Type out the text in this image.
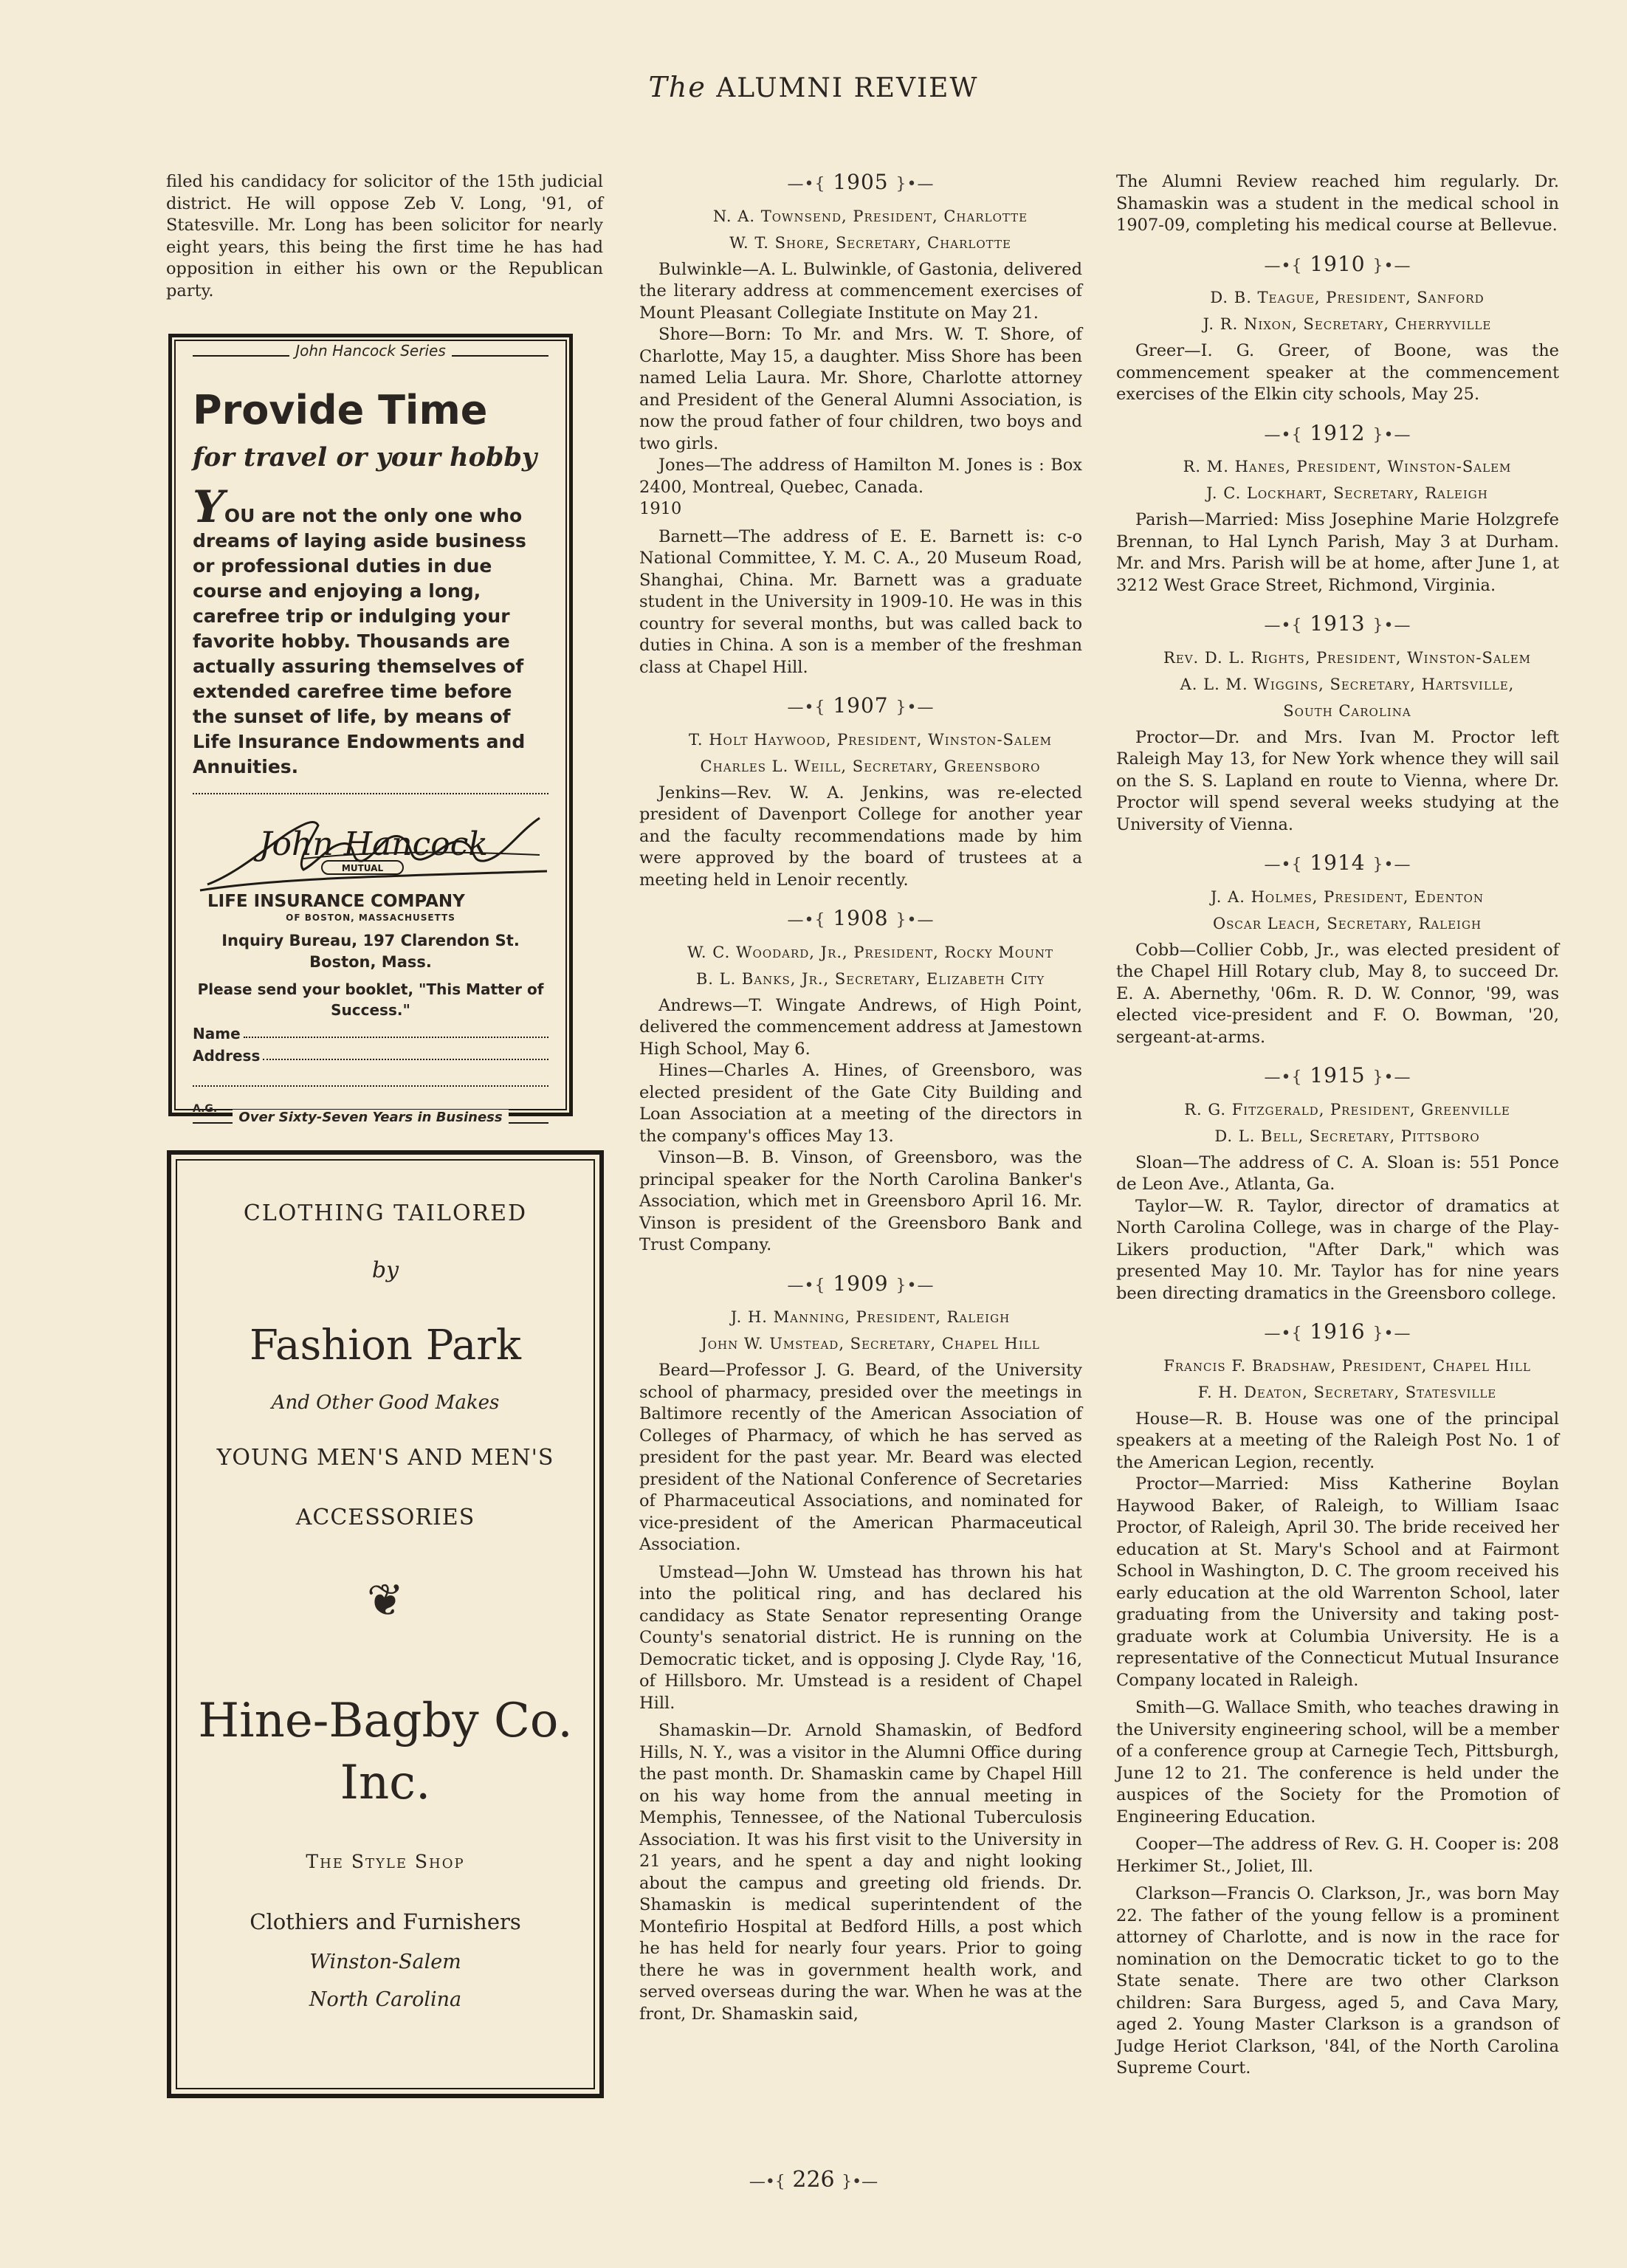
The ALUMNI REVIEW

filed his candidacy for solicitor of the 15th judicial district. He will oppose Zeb V. Long, '91, of Statesville. Mr. Long has been solicitor for nearly eight years, this being the first time he has had opposition in either his own or the Republican party.

John Hancock Series
Provide Time
for travel or your hobby
YOU are not the only one who dreams of laying aside business or professional duties in due course and enjoying a long, carefree trip or indulging your favorite hobby. Thousands are actually assuring themselves of extended carefree time before the sunset of life, by means of Life Insurance Endowments and Annuities.
John Hancock
MUTUAL
LIFE INSURANCE COMPANY
OF BOSTON, MASSACHUSETTS
Inquiry Bureau, 197 Clarendon St.
Boston, Mass.
Please send your booklet, "This Matter of Success."
Name
Address
A.G.
Over Sixty-Seven Years in Business
CLOTHING TAILORED
by
Fashion Park
And Other Good Makes
YOUNG MEN'S AND MEN'S
ACCESSORIES
❦
Hine-Bagby Co.
Inc.
The Style Shop
Clothiers and Furnishers
Winston-Salem
North Carolina
—•{ 1905 }•—

N. A. Townsend, President, Charlotte

W. T. Shore, Secretary, Charlotte

Bulwinkle—A. L. Bulwinkle, of Gastonia, delivered the literary address at commencement exercises of Mount Pleasant Collegiate Institute on May 21.

Shore—Born: To Mr. and Mrs. W. T. Shore, of Charlotte, May 15, a daughter. Miss Shore has been named Lelia Laura. Mr. Shore, Charlotte attorney and President of the General Alumni Association, is now the proud father of four children, two boys and two girls.

Jones—The address of Hamilton M. Jones is : Box 2400, Montreal, Quebec, Canada.

1910

Barnett—The address of E. E. Barnett is: c-o National Committee, Y. M. C. A., 20 Museum Road, Shanghai, China. Mr. Barnett was a graduate student in the University in 1909-10. He was in this country for several months, but was called back to duties in China. A son is a member of the freshman class at Chapel Hill.

—•{ 1907 }•—

T. Holt Haywood, President, Winston-Salem

Charles L. Weill, Secretary, Greensboro

Jenkins—Rev. W. A. Jenkins, was re-elected president of Davenport College for another year and the faculty recommendations made by him were approved by the board of trustees at a meeting held in Lenoir recently.

—•{ 1908 }•—

W. C. Woodard, Jr., President, Rocky Mount

B. L. Banks, Jr., Secretary, Elizabeth City

Andrews—T. Wingate Andrews, of High Point, delivered the commencement address at Jamestown High School, May 6.

Hines—Charles A. Hines, of Greensboro, was elected president of the Gate City Building and Loan Association at a meeting of the directors in the company's offices May 13.

Vinson—B. B. Vinson, of Greensboro, was the principal speaker for the North Carolina Banker's Association, which met in Greensboro April 16. Mr. Vinson is president of the Greensboro Bank and Trust Company.

—•{ 1909 }•—

J. H. Manning, President, Raleigh

John W. Umstead, Secretary, Chapel Hill

Beard—Professor J. G. Beard, of the University school of pharmacy, presided over the meetings in Baltimore recently of the American Association of Colleges of Pharmacy, of which he has served as president for the past year. Mr. Beard was elected president of the National Conference of Secretaries of Pharmaceutical Associations, and nominated for vice-president of the American Pharmaceutical Association.

Umstead—John W. Umstead has thrown his hat into the political ring, and has declared his candidacy as State Senator representing Orange County's senatorial district. He is running on the Democratic ticket, and is opposing J. Clyde Ray, '16, of Hillsboro. Mr. Umstead is a resident of Chapel Hill.

Shamaskin—Dr. Arnold Shamaskin, of Bedford Hills, N. Y., was a visitor in the Alumni Office during the past month. Dr. Shamaskin came by Chapel Hill on his way home from the annual meeting in Memphis, Tennessee, of the National Tuberculosis Association. It was his first visit to the University in 21 years, and he spent a day and night looking about the campus and greeting old friends. Dr. Shamaskin is medical superintendent of the Montefirio Hospital at Bedford Hills, a post which he has held for nearly four years. Prior to going there he was in government health work, and served overseas during the war. When he was at the front, Dr. Shamaskin said,

The Alumni Review reached him regularly. Dr. Shamaskin was a student in the medical school in 1907-09, completing his medical course at Bellevue.

—•{ 1910 }•—

D. B. Teague, President, Sanford

J. R. Nixon, Secretary, Cherryville

Greer—I. G. Greer, of Boone, was the commencement speaker at the commencement exercises of the Elkin city schools, May 25.

—•{ 1912 }•—

R. M. Hanes, President, Winston-Salem

J. C. Lockhart, Secretary, Raleigh

Parish—Married: Miss Josephine Marie Holzgrefe Brennan, to Hal Lynch Parish, May 3 at Durham. Mr. and Mrs. Parish will be at home, after June 1, at 3212 West Grace Street, Richmond, Virginia.

—•{ 1913 }•—

Rev. D. L. Rights, President, Winston-Salem

A. L. M. Wiggins, Secretary, Hartsville,

South Carolina

Proctor—Dr. and Mrs. Ivan M. Proctor left Raleigh May 13, for New York whence they will sail on the S. S. Lapland en route to Vienna, where Dr. Proctor will spend several weeks studying at the University of Vienna.

—•{ 1914 }•—

J. A. Holmes, President, Edenton

Oscar Leach, Secretary, Raleigh

Cobb—Collier Cobb, Jr., was elected president of the Chapel Hill Rotary club, May 8, to succeed Dr. E. A. Abernethy, '06m. R. D. W. Connor, '99, was elected vice-president and F. O. Bowman, '20, sergeant-at-arms.

—•{ 1915 }•—

R. G. Fitzgerald, President, Greenville

D. L. Bell, Secretary, Pittsboro

Sloan—The address of C. A. Sloan is: 551 Ponce de Leon Ave., Atlanta, Ga.

Taylor—W. R. Taylor, director of dramatics at North Carolina College, was in charge of the Play-Likers production, "After Dark," which was presented May 10. Mr. Taylor has for nine years been directing dramatics in the Greensboro college.

—•{ 1916 }•—

Francis F. Bradshaw, President, Chapel Hill

F. H. Deaton, Secretary, Statesville

House—R. B. House was one of the principal speakers at a meeting of the Raleigh Post No. 1 of the American Legion, recently.

Proctor—Married: Miss Katherine Boylan Haywood Baker, of Raleigh, to William Isaac Proctor, of Raleigh, April 30. The bride received her education at St. Mary's School and at Fairmont School in Washington, D. C. The groom received his early education at the old Warrenton School, later graduating from the University and taking post-graduate work at Columbia University. He is a representative of the Connecticut Mutual Insurance Company located in Raleigh.

Smith—G. Wallace Smith, who teaches drawing in the University engineering school, will be a member of a conference group at Carnegie Tech, Pittsburgh, June 12 to 21. The conference is held under the auspices of the Society for the Promotion of Engineering Education.

Cooper—The address of Rev. G. H. Cooper is: 208 Herkimer St., Joliet, Ill.

Clarkson—Francis O. Clarkson, Jr., was born May 22. The father of the young fellow is a prominent attorney of Charlotte, and is now in the race for nomination on the Democratic ticket to go to the State senate. There are two other Clarkson children: Sara Burgess, aged 5, and Cava Mary, aged 2. Young Master Clarkson is a grandson of Judge Heriot Clarkson, '84l, of the North Carolina Supreme Court.

—•{ 226 }•—
